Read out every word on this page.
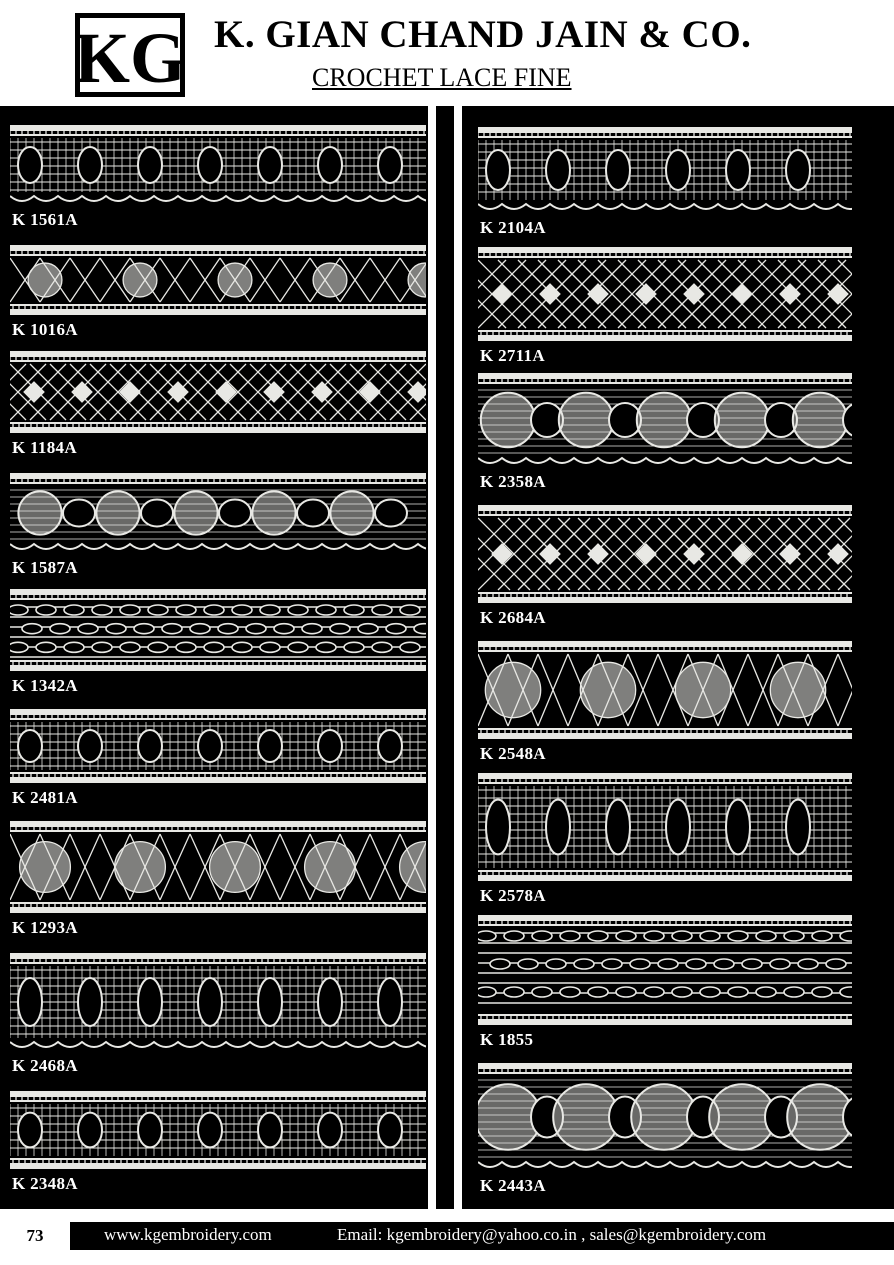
KG K. GIAN CHAND JAIN & CO.
CROCHET LACE FINE
K 1561A
K 1016A
K 1184A
K 1587A
K 1342A
K 2481A
K 1293A
K 2468A
K 2348A
K 2104A
K 2711A
K 2358A
K 2684A
K 2548A
K 2578A
K 1855
K 2443A
73	www.kgembroidery.com	Email: kgembroidery@yahoo.co.in , sales@kgembroidery.com
